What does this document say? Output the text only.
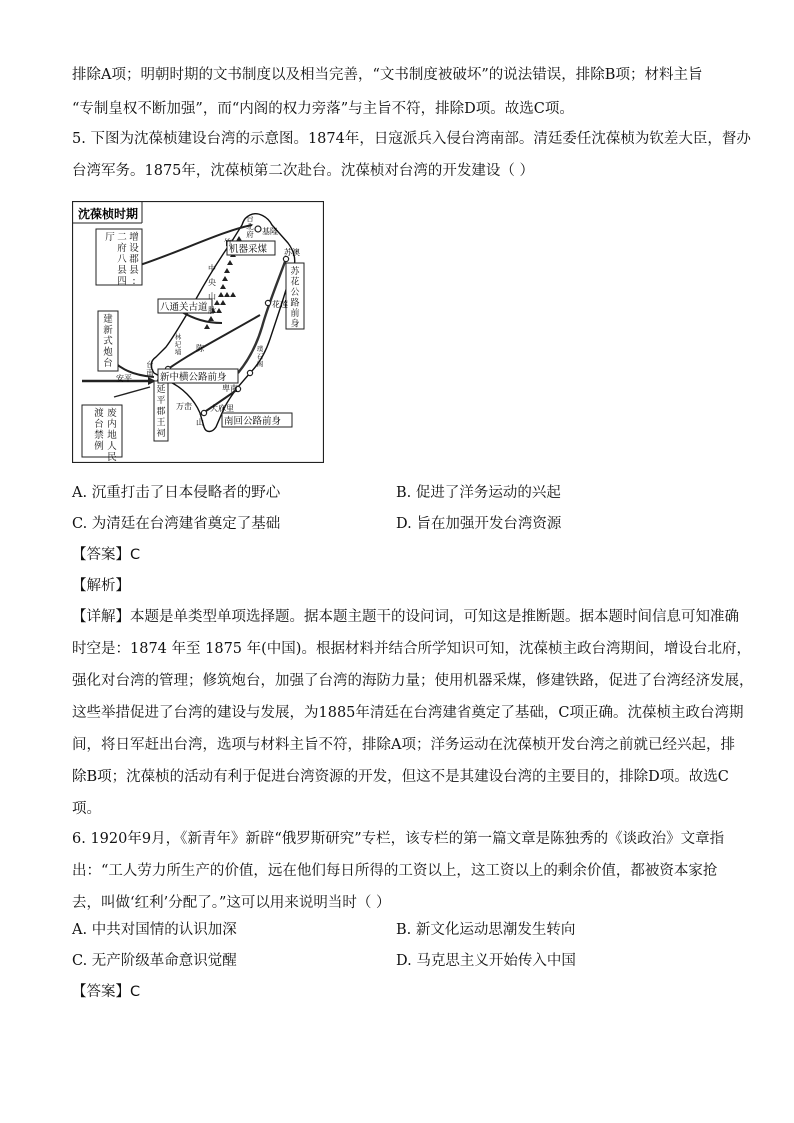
排除A项；明朝时期的文书制度以及相当完善，“文书制度被破坏”的说法错误，排除B项；材料主旨
“专制皇权不断加强”，而“内阁的权力旁落”与主旨不符，排除D项。故选C项。
5. 下图为沈葆桢建设台湾的示意图。1874年，日寇派兵入侵台湾南部。清廷委任沈葆桢为钦差大臣，督办
台湾军务。1875年，沈葆桢第二次赴台。沈葆桢对台湾的开发建设（ ）
沈葆桢时期
增
设
郡
县
:
二
府
八
县
四
厅
建
新
式
炮
台
废
内
地
人
民
渡
台
禁
例
延
平
郡
王
祠
苏
花
公
路
前
身
台
北
府
台
南
林
圮
埔	璞
石
阁
中
央
山
脉
机器采煤
八通关古道
新中横公路前身
南回公路前身
基隆
苏澳
花莲
安平
卑南
大庥里
万峦
竹
陈
山
A. 沉重打击了日本侵略者的野心	B. 促进了洋务运动的兴起
C. 为清廷在台湾建省奠定了基础	D. 旨在加强开发台湾资源
【答案】C
【解析】
【详解】本题是单类型单项选择题。据本题主题干的设问词，可知这是推断题。据本题时间信息可知准确
时空是：1874 年至 1875 年(中国)。根据材料并结合所学知识可知，沈葆桢主政台湾期间，增设台北府，
强化对台湾的管理；修筑炮台，加强了台湾的海防力量；使用机器采煤，修建铁路，促进了台湾经济发展，
这些举措促进了台湾的建设与发展，为1885年清廷在台湾建省奠定了基础，C项正确。沈葆桢主政台湾期
间，将日军赶出台湾，选项与材料主旨不符，排除A项；洋务运动在沈葆桢开发台湾之前就已经兴起，排
除B项；沈葆桢的活动有利于促进台湾资源的开发，但这不是其建设台湾的主要目的，排除D项。故选C
项。
6. 1920年9月，《新青年》新辟“俄罗斯研究”专栏，该专栏的第一篇文章是陈独秀的《谈政治》文章指
出：“工人劳力所生产的价值，远在他们每日所得的工资以上，这工资以上的剩余价值，都被资本家抢
去，叫做‘红利’分配了。”这可以用来说明当时（ ）
A. 中共对国情的认识加深	B. 新文化运动思潮发生转向
C. 无产阶级革命意识觉醒	D. 马克思主义开始传入中国
【答案】C
